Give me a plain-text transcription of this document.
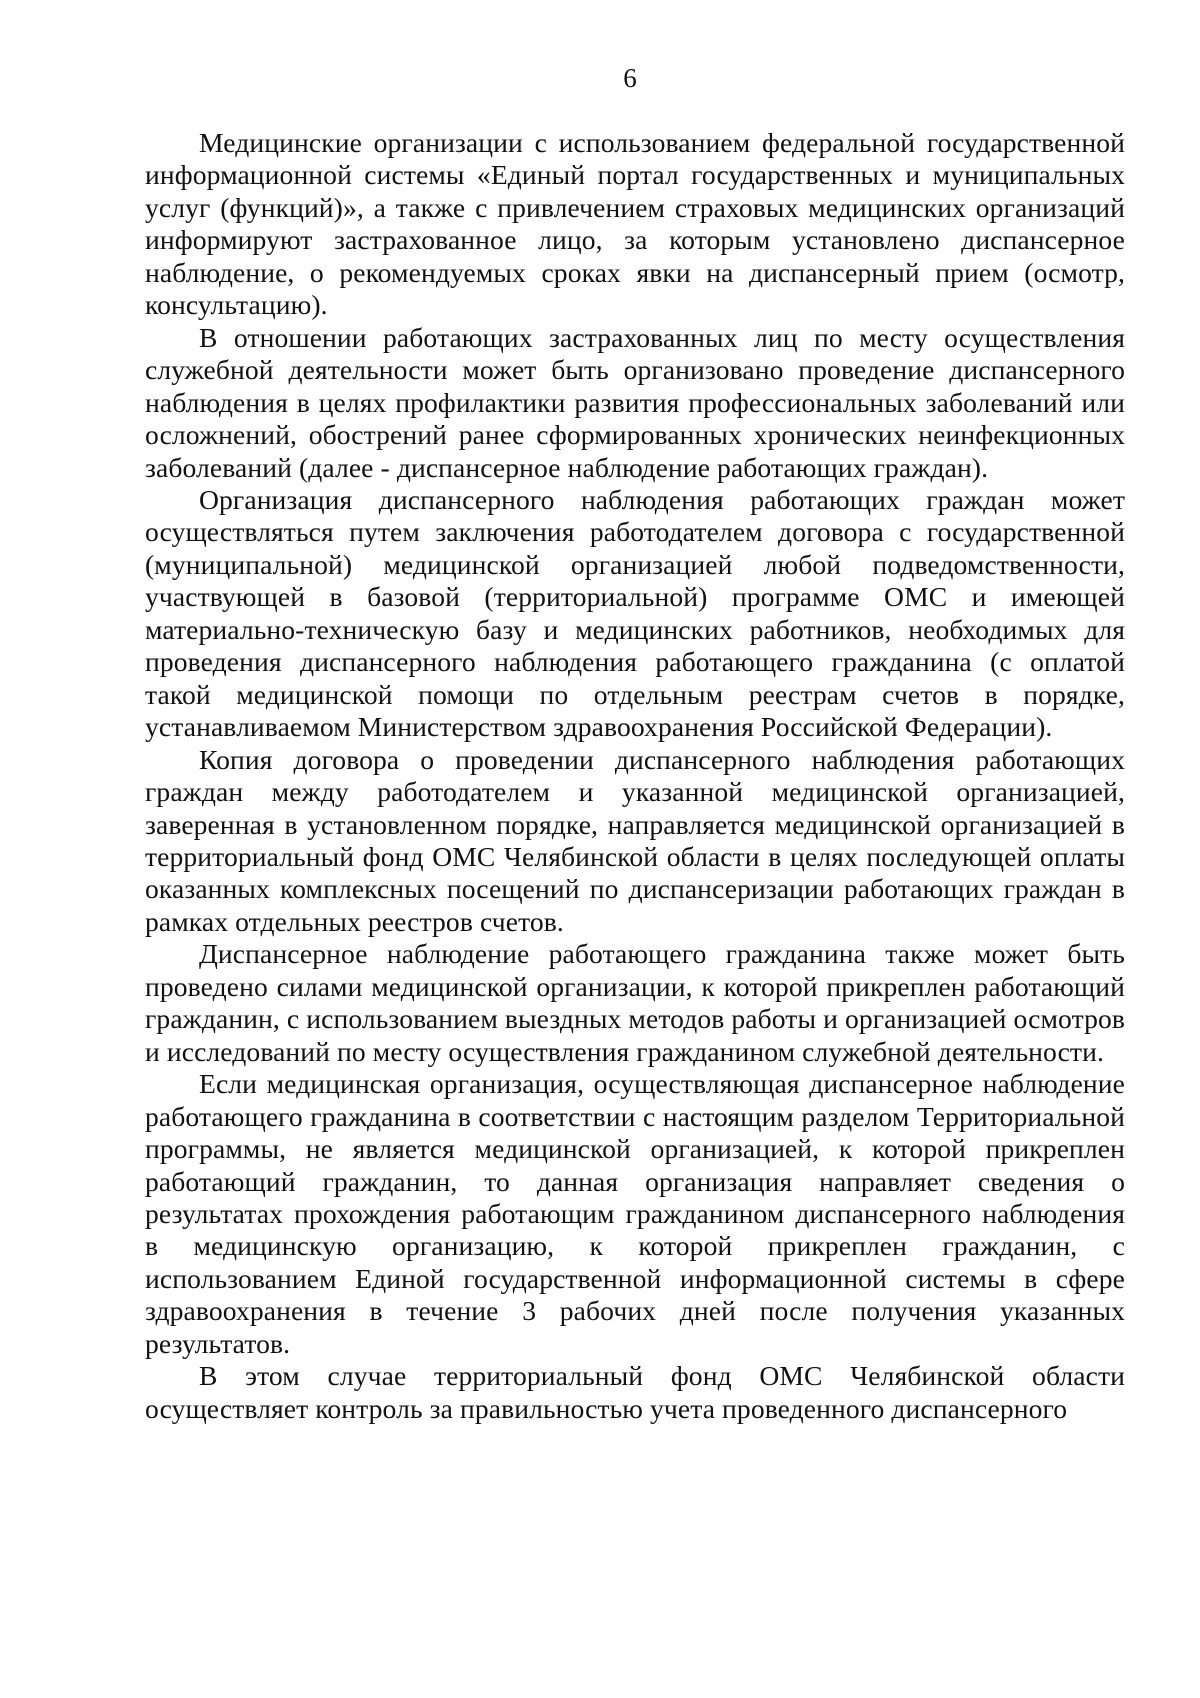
6

Медицинские организации с использованием федеральной государственной информационной системы «Единый портал государственных и муниципальных услуг (функций)», а также с привлечением страховых медицинских организаций информируют застрахованное лицо, за которым установлено диспансерное наблюдение, о рекомендуемых сроках явки на диспансерный прием (осмотр, консультацию).

В отношении работающих застрахованных лиц по месту осуществления служебной деятельности может быть организовано проведение диспансерного наблюдения в целях профилактики развития профессиональных заболеваний или осложнений, обострений ранее сформированных хронических неинфекционных заболеваний (далее - диспансерное наблюдение работающих граждан).

Организация диспансерного наблюдения работающих граждан может осуществляться путем заключения работодателем договора с государственной (муниципальной) медицинской организацией любой подведомственности, участвующей в базовой (территориальной) программе ОМС и имеющей материально-техническую базу и медицинских работников, необходимых для проведения диспансерного наблюдения работающего гражданина (с оплатой такой медицинской помощи по отдельным реестрам счетов в порядке, устанавливаемом Министерством здравоохранения Российской Федерации).

Копия договора о проведении диспансерного наблюдения работающих граждан между работодателем и указанной медицинской организацией, заверенная в установленном порядке, направляется медицинской организацией в территориальный фонд ОМС Челябинской области в целях последующей оплаты оказанных комплексных посещений по диспансеризации работающих граждан в рамках отдельных реестров счетов.

Диспансерное наблюдение работающего гражданина также может быть проведено силами медицинской организации, к которой прикреплен работающий гражданин, с использованием выездных методов работы и организацией осмотров и исследований по месту осуществления гражданином служебной деятельности.

Если медицинская организация, осуществляющая диспансерное наблюдение работающего гражданина в соответствии с настоящим разделом Территориальной программы, не является медицинской организацией, к которой прикреплен работающий гражданин, то данная организация направляет сведения о результатах прохождения работающим гражданином диспансерного наблюдения в медицинскую организацию, к которой прикреплен гражданин, с использованием Единой государственной информационной системы в сфере здравоохранения в течение 3 рабочих дней после получения указанных результатов.

В этом случае территориальный фонд ОМС Челябинской области осуществляет контроль за правильностью учета проведенного диспансерного
